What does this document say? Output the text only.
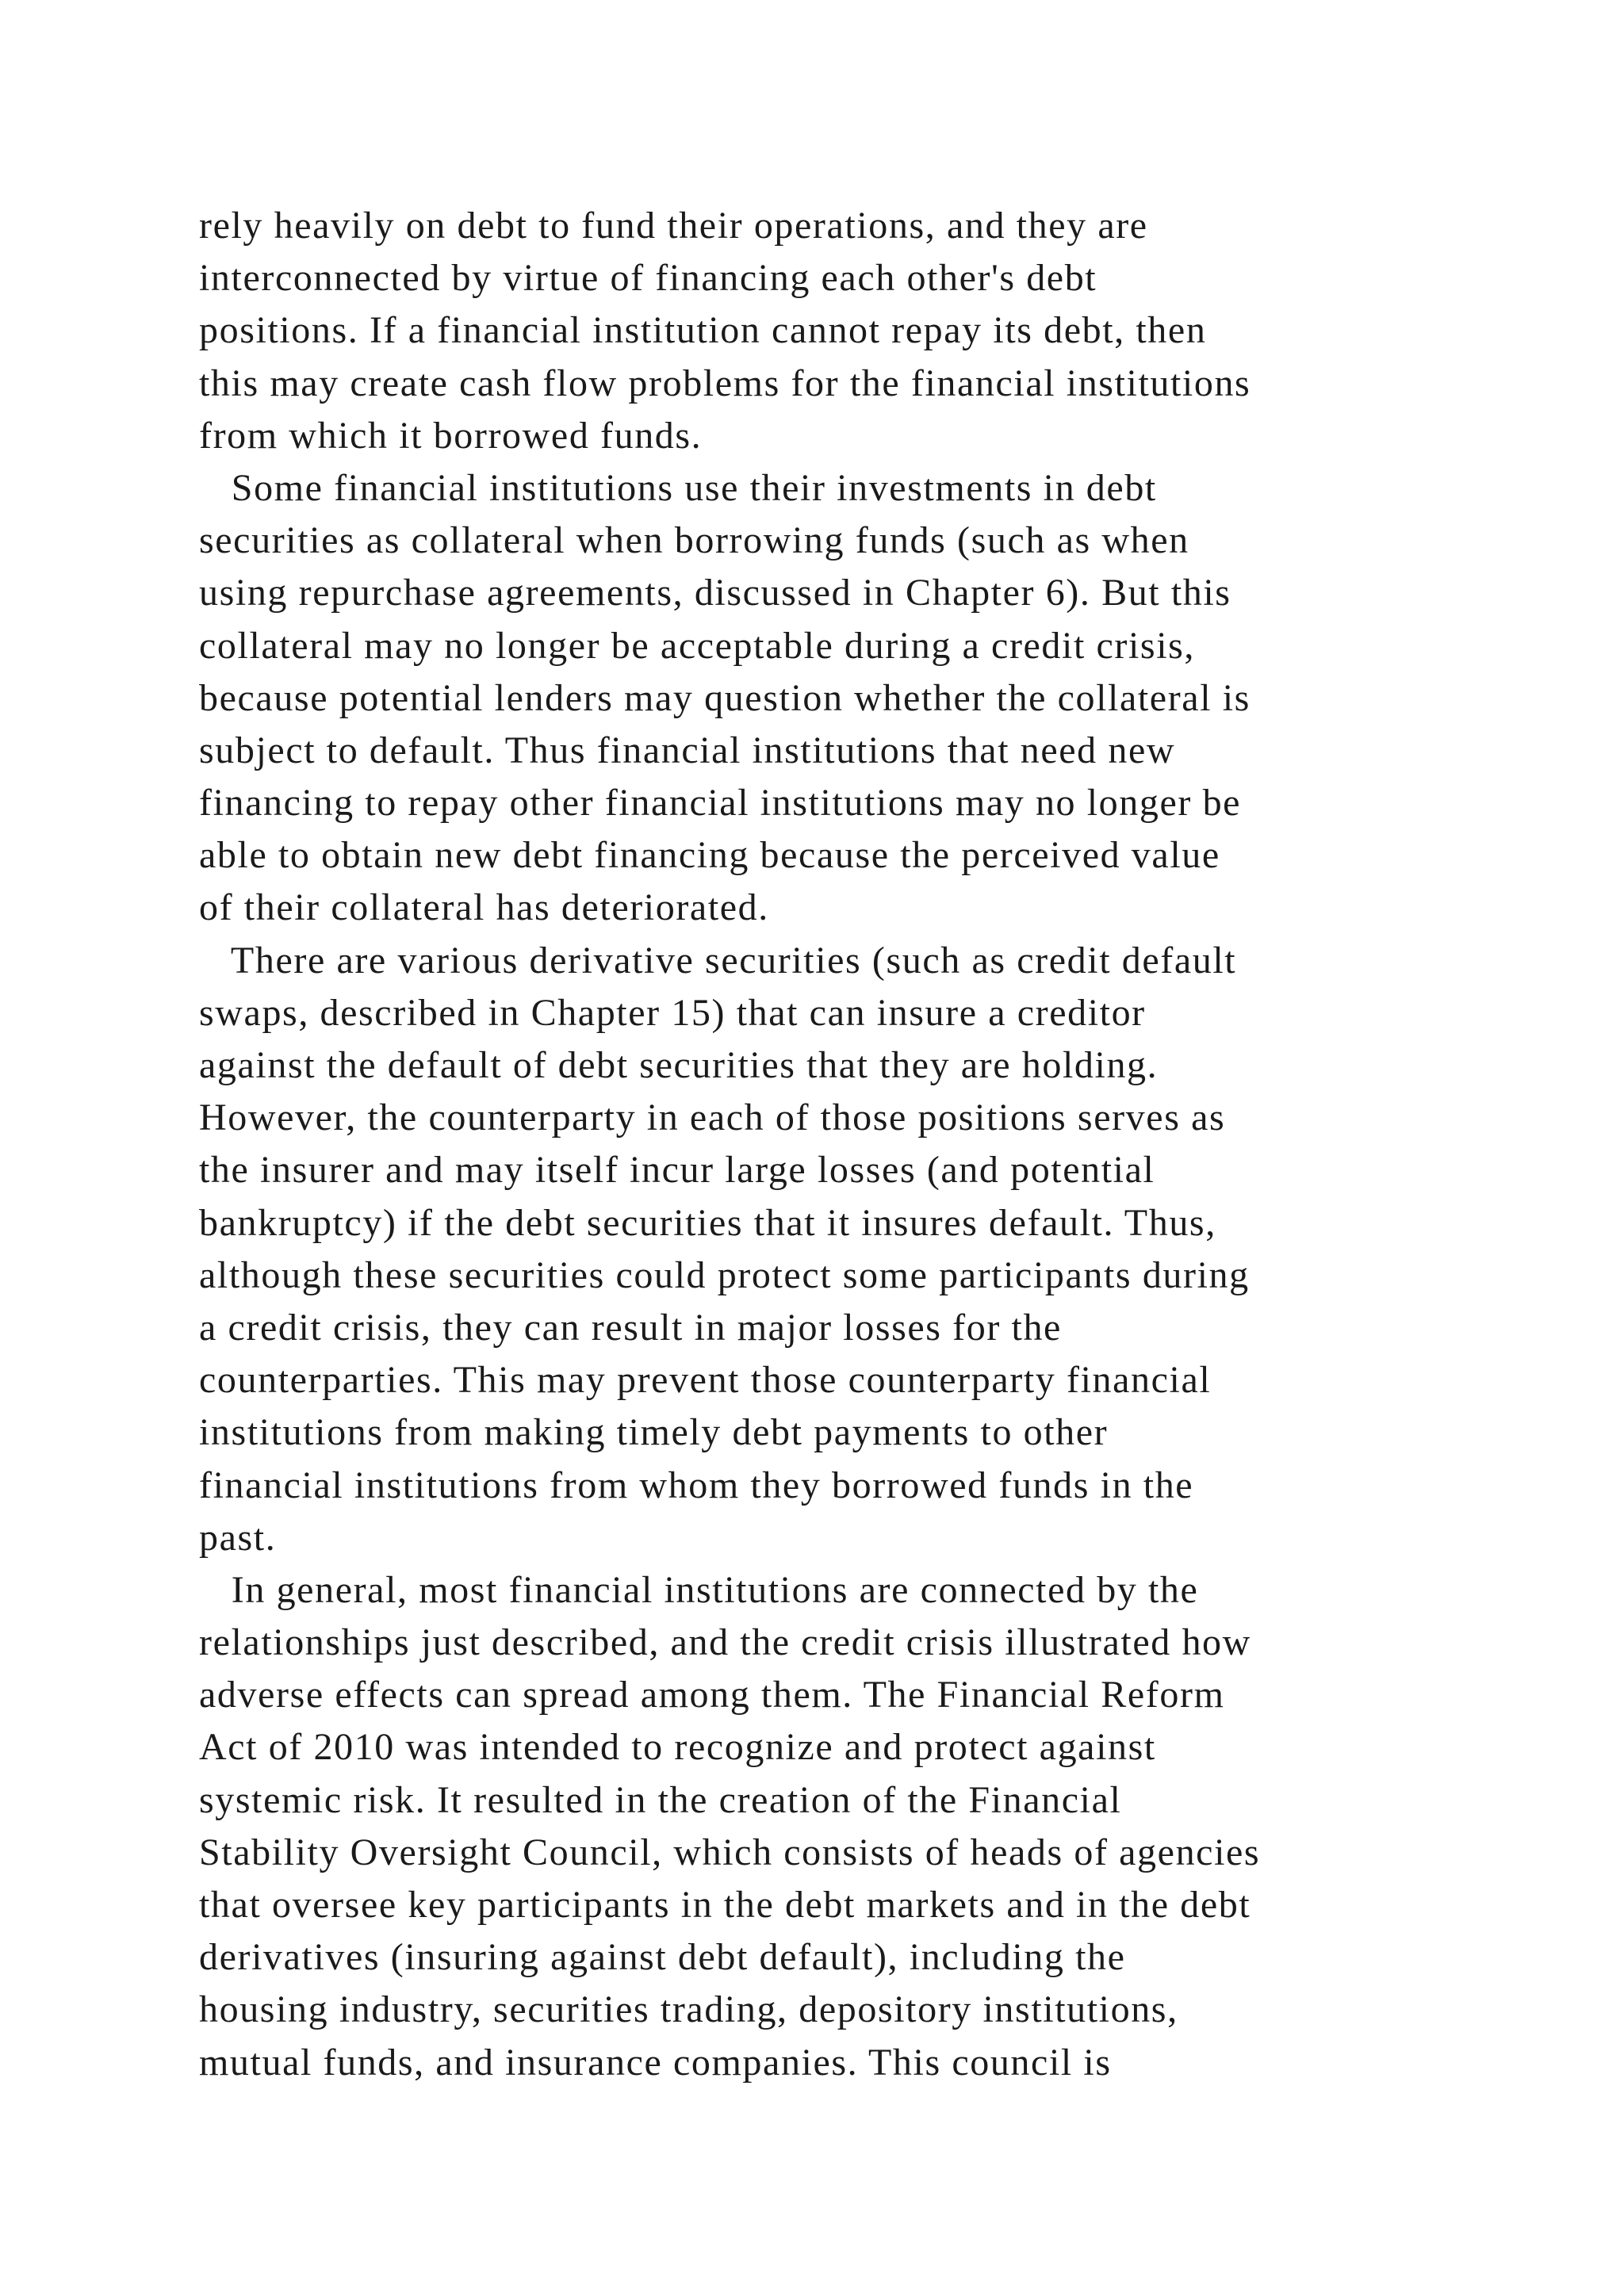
rely heavily on debt to fund their operations, and they are
interconnected by virtue of financing each other's debt
positions. If a financial institution cannot repay its debt, then
this may create cash flow problems for the financial institutions
from which it borrowed funds.
Some financial institutions use their investments in debt
securities as collateral when borrowing funds (such as when
using repurchase agreements, discussed in Chapter 6). But this
collateral may no longer be acceptable during a credit crisis,
because potential lenders may question whether the collateral is
subject to default. Thus financial institutions that need new
financing to repay other financial institutions may no longer be
able to obtain new debt financing because the perceived value
of their collateral has deteriorated.
There are various derivative securities (such as credit default
swaps, described in Chapter 15) that can insure a creditor
against the default of debt securities that they are holding.
However, the counterparty in each of those positions serves as
the insurer and may itself incur large losses (and potential
bankruptcy) if the debt securities that it insures default. Thus,
although these securities could protect some participants during
a credit crisis, they can result in major losses for the
counterparties. This may prevent those counterparty financial
institutions from making timely debt payments to other
financial institutions from whom they borrowed funds in the
past.
In general, most financial institutions are connected by the
relationships just described, and the credit crisis illustrated how
adverse effects can spread among them. The Financial Reform
Act of 2010 was intended to recognize and protect against
systemic risk. It resulted in the creation of the Financial
Stability Oversight Council, which consists of heads of agencies
that oversee key participants in the debt markets and in the debt
derivatives (insuring against debt default), including the
housing industry, securities trading, depository institutions,
mutual funds, and insurance companies. This council is
